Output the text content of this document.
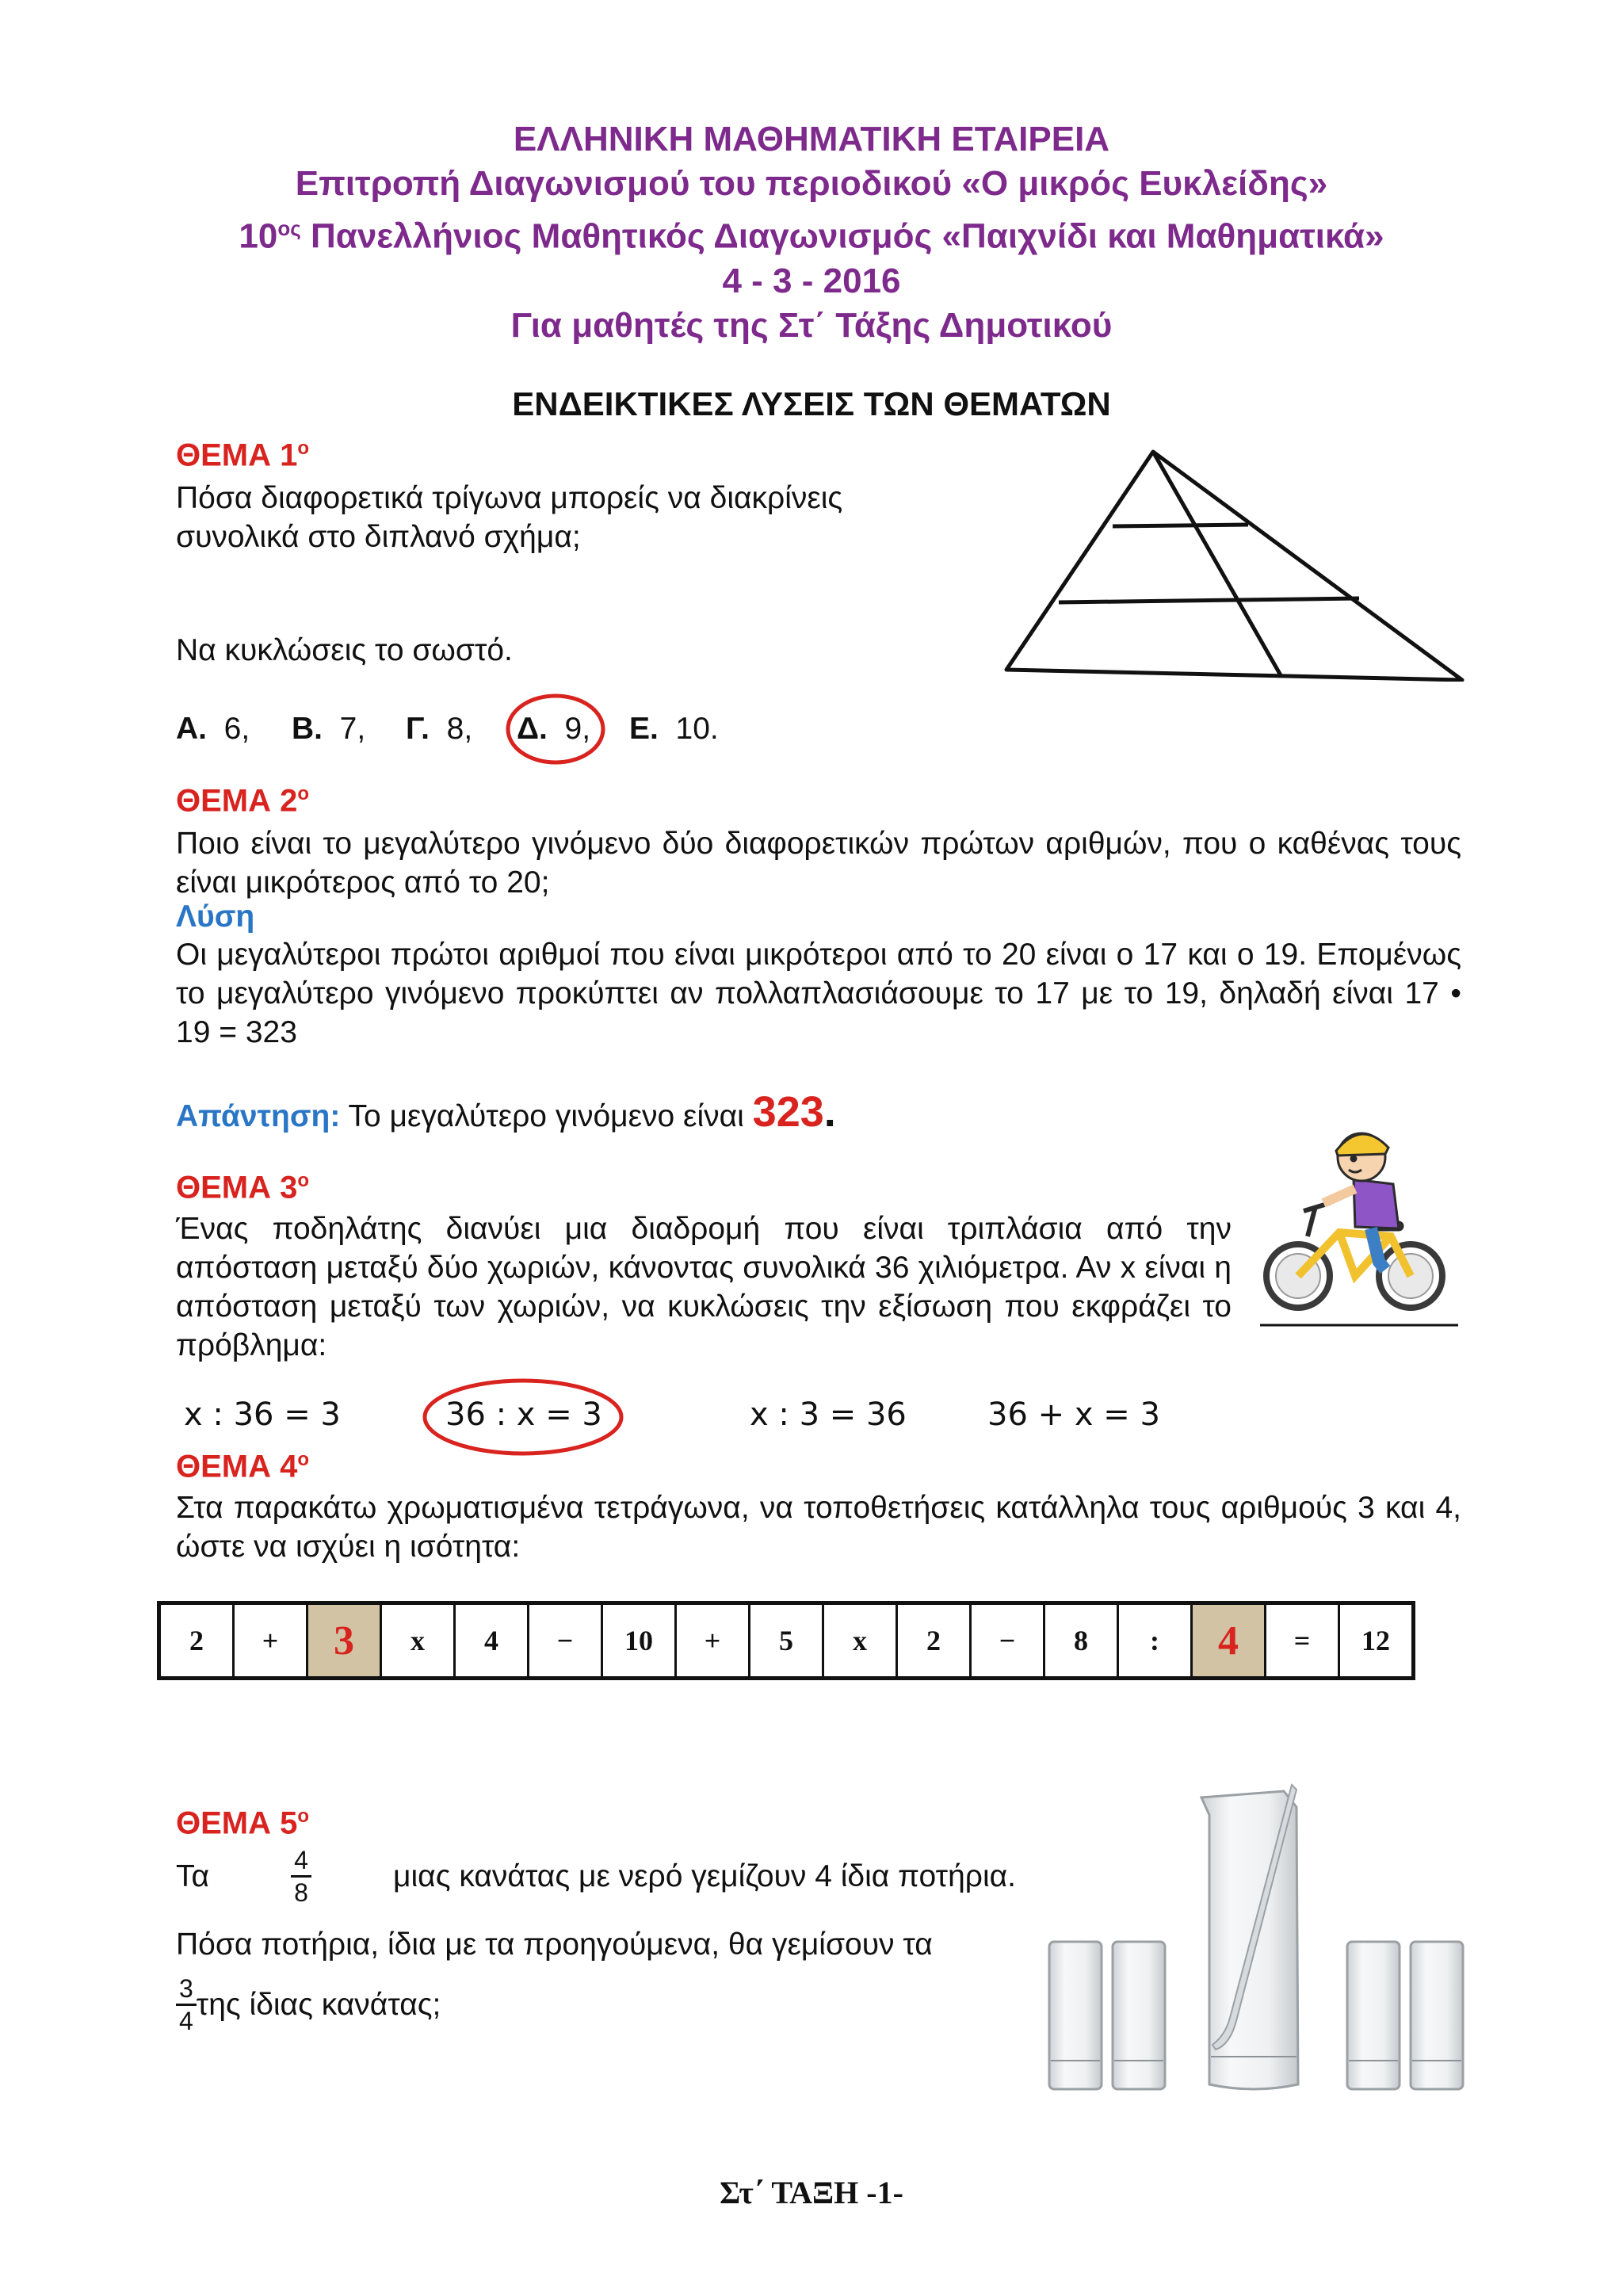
ΕΛΛΗΝΙΚΗ ΜΑΘΗΜΑΤΙΚΗ ΕΤΑΙΡΕΙΑ
Επιτροπή Διαγωνισμού του περιοδικού «Ο μικρός Ευκλείδης»
$10^{o\varsigma}$ Πανελλήνιος Μαθητικός Διαγωνισμός «Παιχνίδι και Μαθηματικά»
4 - 3 - 2016
Για μαθητές της Στ΄ Τάξης Δημοτικού
ΕΝΔΕΙΚΤΙΚΕΣ ΛΥΣΕΙΣ ΤΩΝ ΘΕΜΑΤΩΝ
ΘΕΜΑ $1^o$
Πόσα διαφορετικά τρίγωνα μπορείς να διακρίνεις
συνολικά στο διπλανό σχήμα;
Να κυκλώσεις το σωστό.
Α. 6, Β. 7, Γ. 8, Δ. 9, Ε. 10.
ΘΕΜΑ $2^o$
Ποιο είναι το μεγαλύτερο γινόμενο δύο διαφορετικών πρώτων αριθμών, που ο καθένας τους είναι μικρότερος από το 20;
Λύση
Οι μεγαλύτεροι πρώτοι αριθμοί που είναι μικρότεροι από το 20 είναι ο 17 και ο 19. Επομένως το μεγαλύτερο γινόμενο προκύπτει αν πολλαπλασιάσουμε το 17 με το 19, δηλαδή είναι 17 • 19 = 323
Απάντηση: Το μεγαλύτερο γινόμενο είναι 323.
ΘΕΜΑ $3^o$
Ένας ποδηλάτης διανύει μια διαδρομή που είναι τριπλάσια από την απόσταση μεταξύ δύο χωριών, κάνοντας συνολικά 36 χιλιόμετρα. Αν x είναι η απόσταση μεταξύ των χωριών, να κυκλώσεις την εξίσωση που εκφράζει το πρόβλημα:
x : 36 = 3	36 : x = 3	x : 3 = 36	36 + x = 3
ΘΕΜΑ $4^o$
Στα παρακάτω χρωματισμένα τετράγωνα, να τοποθετήσεις κατάλληλα τους αριθμούς 3 και 4, ώστε να ισχύει η ισότητα:
2	+	3	x	4	−	10	+	5	x	2	−	8	:	4	=	12
ΘΕΜΑ $5^o$
Τα	$\frac{4}{8}$	μιας κανάτας με νερό γεμίζουν 4 ίδια ποτήρια.
Πόσα ποτήρια, ίδια με τα προηγούμενα, θα γεμίσουν τα
$\frac{3}{4}$ της ίδιας κανάτας;
Στ΄ ΤΑΞΗ -1-
